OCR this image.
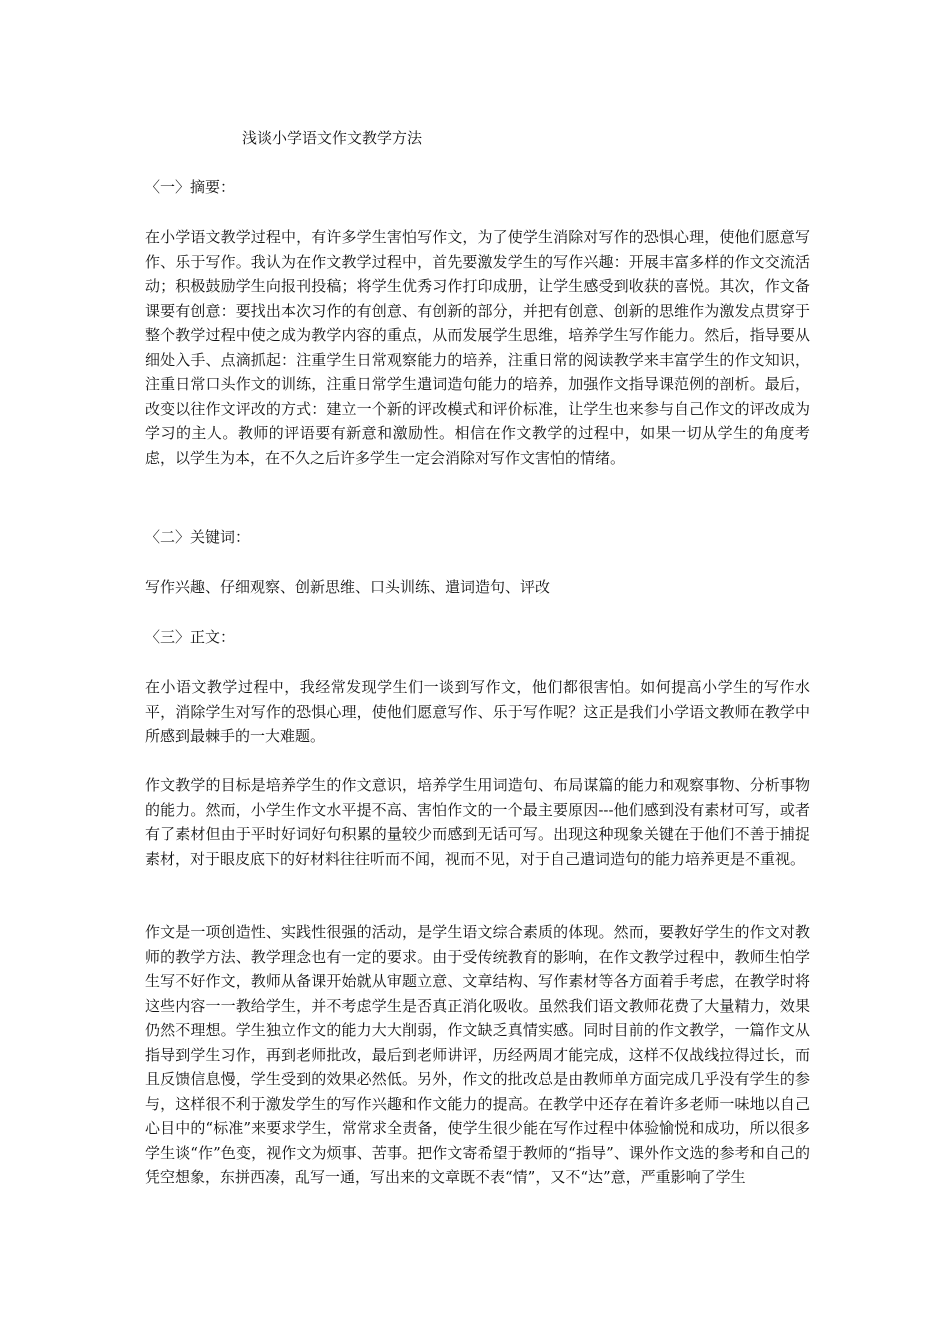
浅谈小学语文作文教学方法
〈一〉摘要：

在小学语文教学过程中，有许多学生害怕写作文，为了使学生消除对写作的恐惧心理，使他们愿意写作、乐于写作。我认为在作文教学过程中，首先要激发学生的写作兴趣：开展丰富多样的作文交流活动；积极鼓励学生向报刊投稿；将学生优秀习作打印成册，让学生感受到收获的喜悦。其次，作文备课要有创意：要找出本次习作的有创意、有创新的部分，并把有创意、创新的思维作为激发点贯穿于整个教学过程中使之成为教学内容的重点，从而发展学生思维，培养学生写作能力。然后，指导要从细处入手、点滴抓起：注重学生日常观察能力的培养，注重日常的阅读教学来丰富学生的作文知识，注重日常口头作文的训练，注重日常学生遣词造句能力的培养，加强作文指导课范例的剖析。最后，改变以往作文评改的方式：建立一个新的评改模式和评价标准，让学生也来参与自己作文的评改成为学习的主人。教师的评语要有新意和激励性。相信在作文教学的过程中，如果一切从学生的角度考虑，以学生为本，在不久之后许多学生一定会消除对写作文害怕的情绪。

〈二〉关键词：

写作兴趣、仔细观察、创新思维、口头训练、遣词造句、评改

〈三〉正文：

在小语文教学过程中，我经常发现学生们一谈到写作文，他们都很害怕。如何提高小学生的写作水平，消除学生对写作的恐惧心理，使他们愿意写作、乐于写作呢？这正是我们小学语文教师在教学中所感到最棘手的一大难题。

作文教学的目标是培养学生的作文意识，培养学生用词造句、布局谋篇的能力和观察事物、分析事物的能力。然而，小学生作文水平提不高、害怕作文的一个最主要原因---他们感到没有素材可写，或者有了素材但由于平时好词好句积累的量较少而感到无话可写。出现这种现象关键在于他们不善于捕捉素材，对于眼皮底下的好材料往往听而不闻，视而不见，对于自己遣词造句的能力培养更是不重视。

作文是一项创造性、实践性很强的活动，是学生语文综合素质的体现。然而，要教好学生的作文对教师的教学方法、教学理念也有一定的要求。由于受传统教育的影响，在作文教学过程中，教师生怕学生写不好作文，教师从备课开始就从审题立意、文章结构、写作素材等各方面着手考虑，在教学时将这些内容一一教给学生，并不考虑学生是否真正消化吸收。虽然我们语文教师花费了大量精力，效果仍然不理想。学生独立作文的能力大大削弱，作文缺乏真情实感。同时目前的作文教学，一篇作文从指导到学生习作，再到老师批改，最后到老师讲评，历经两周才能完成，这样不仅战线拉得过长，而且反馈信息慢，学生受到的效果必然低。另外，作文的批改总是由教师单方面完成几乎没有学生的参与，这样很不利于激发学生的写作兴趣和作文能力的提高。在教学中还存在着许多老师一味地以自己心目中的“标准”来要求学生，常常求全责备，使学生很少能在写作过程中体验愉悦和成功，所以很多学生谈“作”色变，视作文为烦事、苦事。把作文寄希望于教师的“指导”、课外作文选的参考和自己的凭空想象，东拼西凑，乱写一通，写出来的文章既不表“情”，又不“达”意，严重影响了学生
